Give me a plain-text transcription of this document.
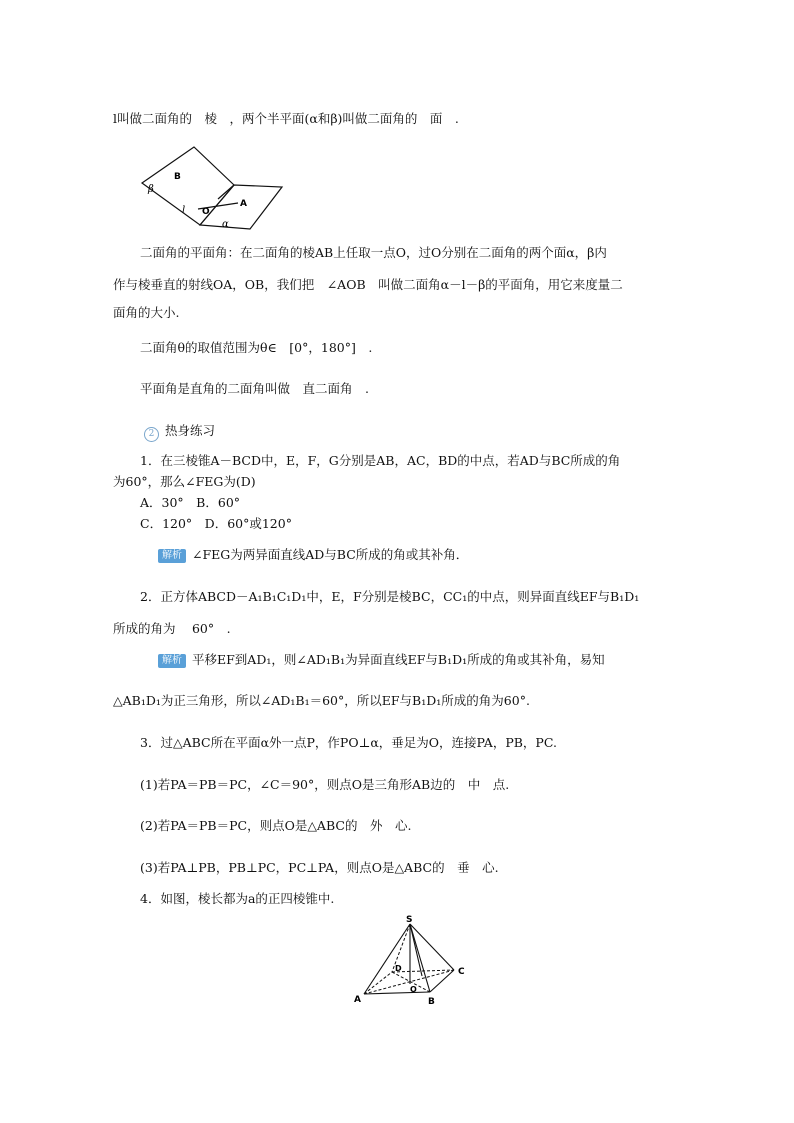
l叫做二面角的　棱　，两个半平面(α和β)叫做二面角的　面　.
B
β
l O
A
α
二面角的平面角：在二面角的棱AB上任取一点O，过O分别在二面角的两个面α，β内
作与棱垂直的射线OA，OB，我们把　∠AOB　叫做二面角α－l－β的平面角，用它来度量二
面角的大小.
二面角θ的取值范围为θ∈　[0°，180°]　.
平面角是直角的二面角叫做　直二面角　.
2 热身练习
1．在三棱锥A－BCD中，E，F，G分别是AB，AC，BD的中点，若AD与BC所成的角
为60°，那么∠FEG为(D)
A．30°　B．60°
C．120°　D．60°或120°
解析 ∠FEG为两异面直线AD与BC所成的角或其补角．
2．正方体ABCD－A₁B₁C₁D₁中，E，F分别是棱BC，CC₁的中点，则异面直线EF与B₁D₁
所成的角为　 60°　.
解析 平移EF到AD₁，则∠AD₁B₁为异面直线EF与B₁D₁所成的角或其补角，易知
△AB₁D₁为正三角形，所以∠AD₁B₁＝60°，所以EF与B₁D₁所成的角为60°.
3．过△ABC所在平面α外一点P，作PO⊥α，垂足为O，连接PA，PB，PC.
(1)若PA＝PB＝PC，∠C＝90°，则点O是三角形AB边的　中　点.
(2)若PA＝PB＝PC，则点O是△ABC的　外　心.
(3)若PA⊥PB，PB⊥PC，PC⊥PA，则点O是△ABC的　垂　心.
4．如图，棱长都为a的正四棱锥中.
S
D	C
O
A	B
